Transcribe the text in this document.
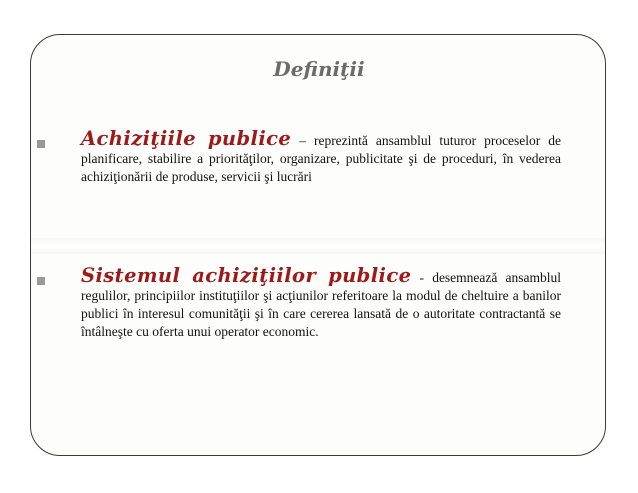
Definiţii
Achiziţiile publice – reprezintă ansamblul tuturor proceselor de planificare, stabilire a priorităţilor, organizare, publicitate şi de proceduri, în vederea achiziţionării de produse, servicii şi lucrări
Sistemul achiziţiilor publice - desemnează ansamblul regulilor, principiilor instituţiilor şi acţiunilor referitoare la modul de cheltuire a banilor publici în interesul comunităţii şi în care cererea lansată de o autoritate contractantă se întâlneşte cu oferta unui operator economic.
